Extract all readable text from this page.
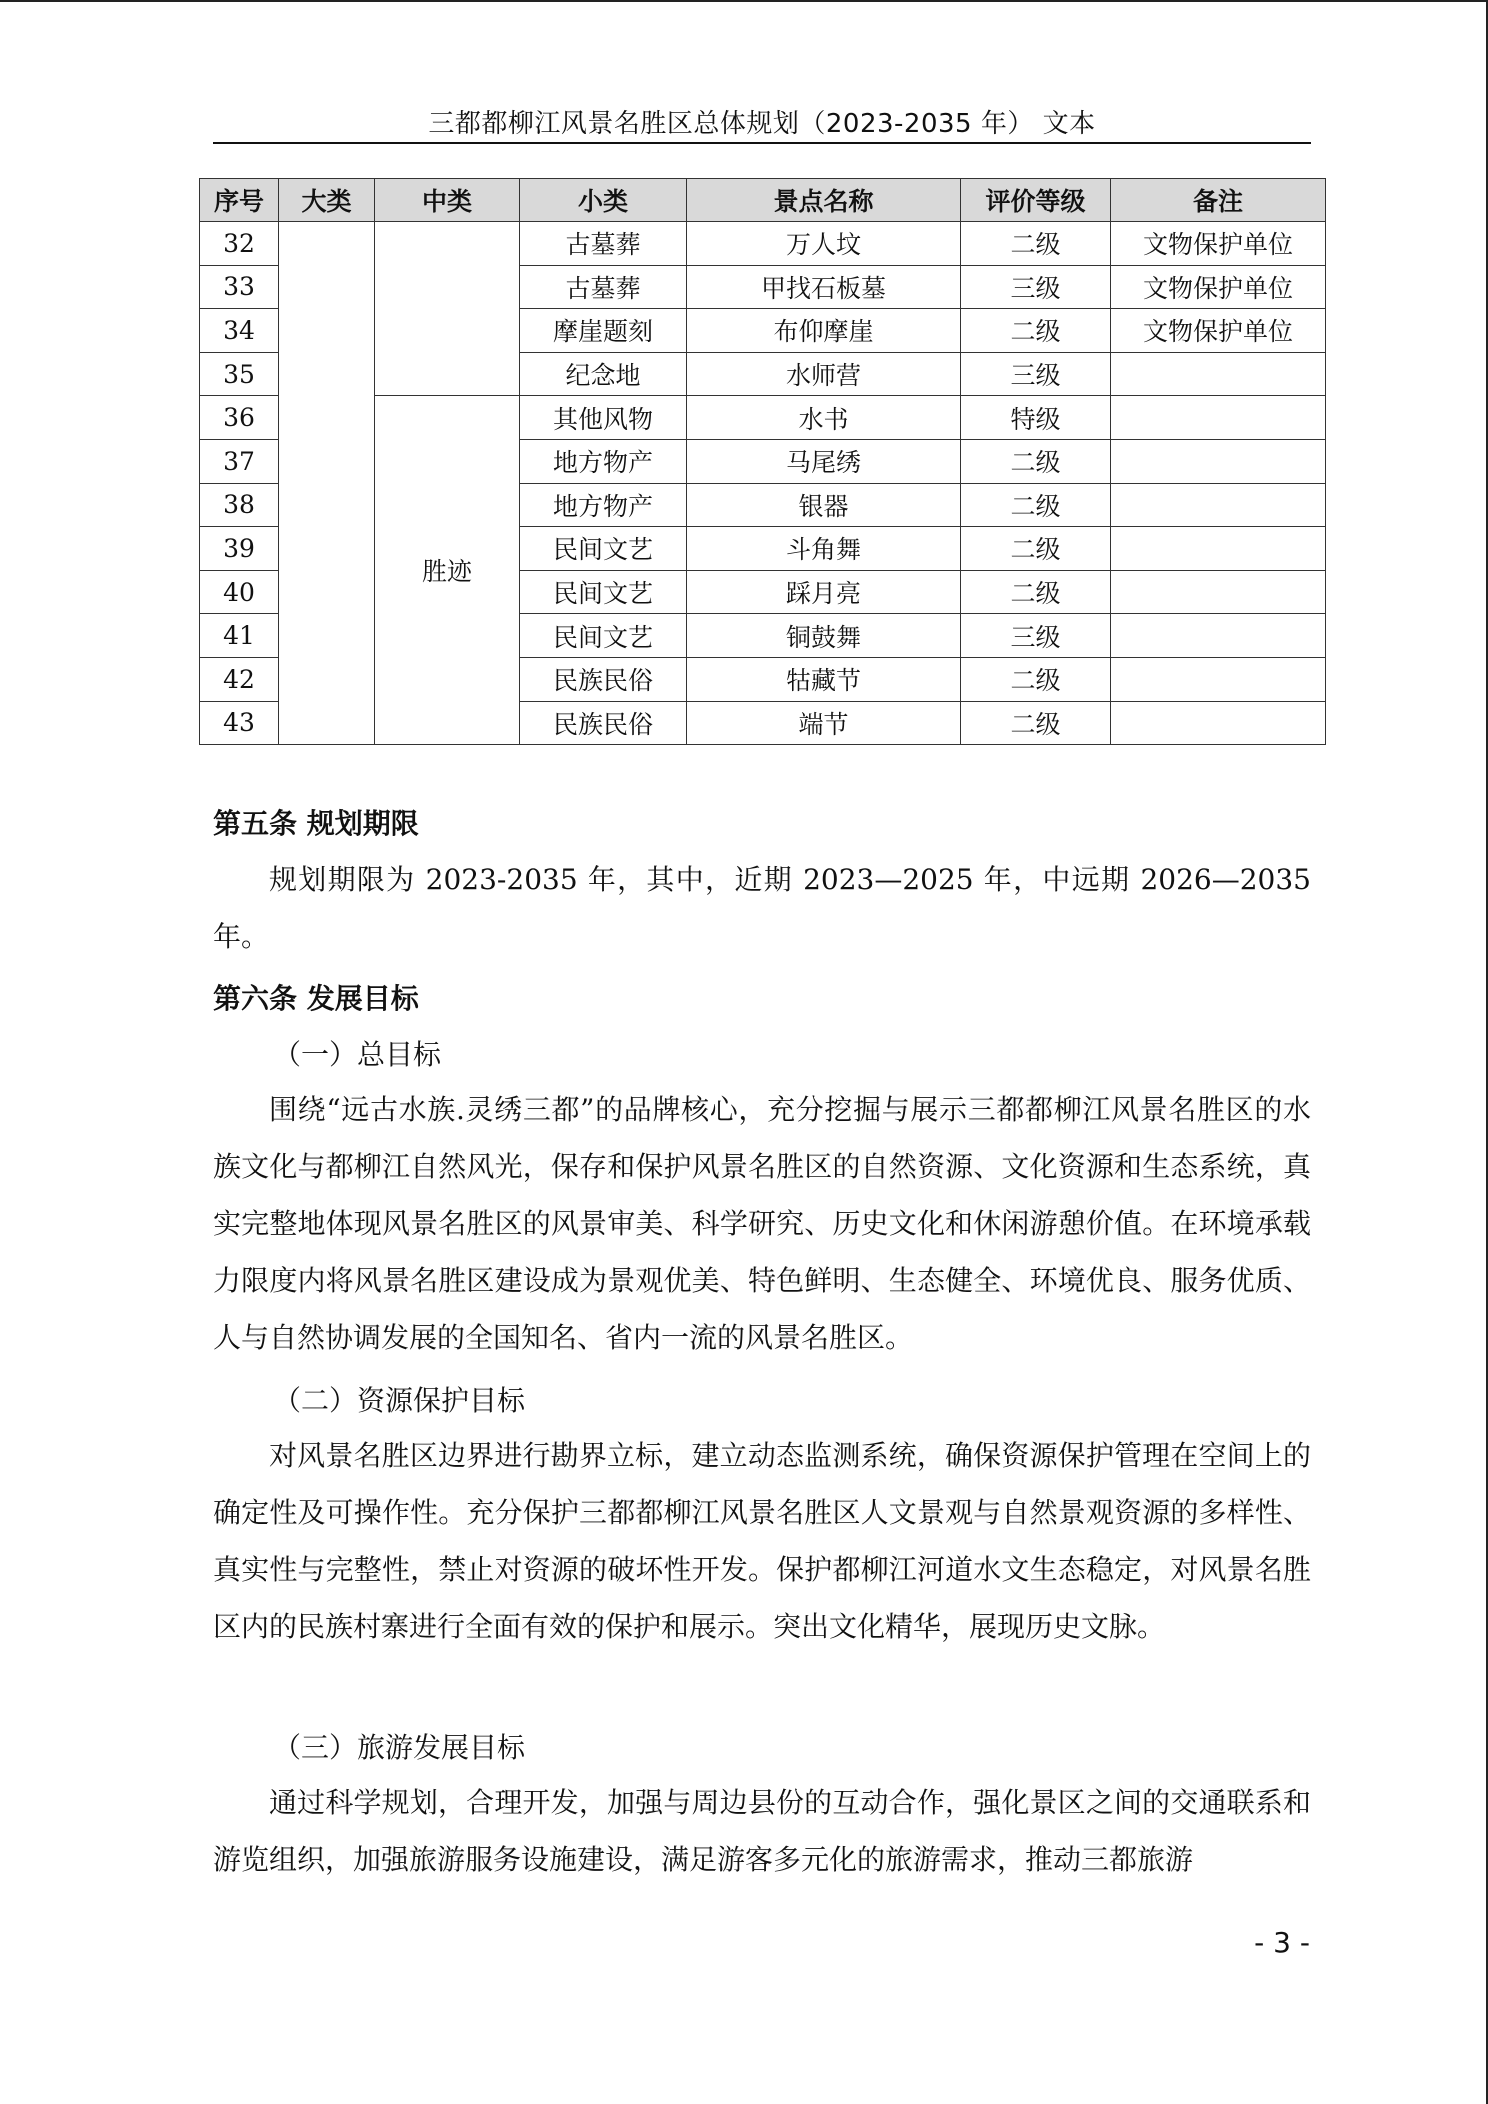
三都都柳江风景名胜区总体规划（2023-2035 年） 文本
序号	大类	中类	小类	景点名称	评价等级	备注
32			古墓葬	万人坟	二级	文物保护单位
33			古墓葬	甲找石板墓	三级	文物保护单位
34			摩崖题刻	布仰摩崖	二级	文物保护单位
35			纪念地	水师营	三级	
36		胜迹	其他风物	水书	特级	
37			地方物产	马尾绣	二级	
38			地方物产	银器	二级	
39			民间文艺	斗角舞	二级	
40			民间文艺	踩月亮	二级	
41			民间文艺	铜鼓舞	三级	
42			民族民俗	牯藏节	二级	
43			民族民俗	端节	二级	
第五条 规划期限

规划期限为 2023-2035 年，其中，近期 2023—2025 年，中远期 2026—2035 年。

第六条 发展目标
（一）总目标

围绕“远古水族.灵绣三都”的品牌核心，充分挖掘与展示三都都柳江风景名胜区的水族文化与都柳江自然风光，保存和保护风景名胜区的自然资源、文化资源和生态系统，真实完整地体现风景名胜区的风景审美、科学研究、历史文化和休闲游憩价值。在环境承载力限度内将风景名胜区建设成为景观优美、特色鲜明、生态健全、环境优良、服务优质、人与自然协调发展的全国知名、省内一流的风景名胜区。

（二）资源保护目标

对风景名胜区边界进行勘界立标，建立动态监测系统，确保资源保护管理在空间上的确定性及可操作性。充分保护三都都柳江风景名胜区人文景观与自然景观资源的多样性、真实性与完整性，禁止对资源的破坏性开发。保护都柳江河道水文生态稳定，对风景名胜区内的民族村寨进行全面有效的保护和展示。突出文化精华，展现历史文脉。

（三）旅游发展目标

通过科学规划，合理开发，加强与周边县份的互动合作，强化景区之间的交通联系和游览组织，加强旅游服务设施建设，满足游客多元化的旅游需求，推动三都旅游

- 3 -
